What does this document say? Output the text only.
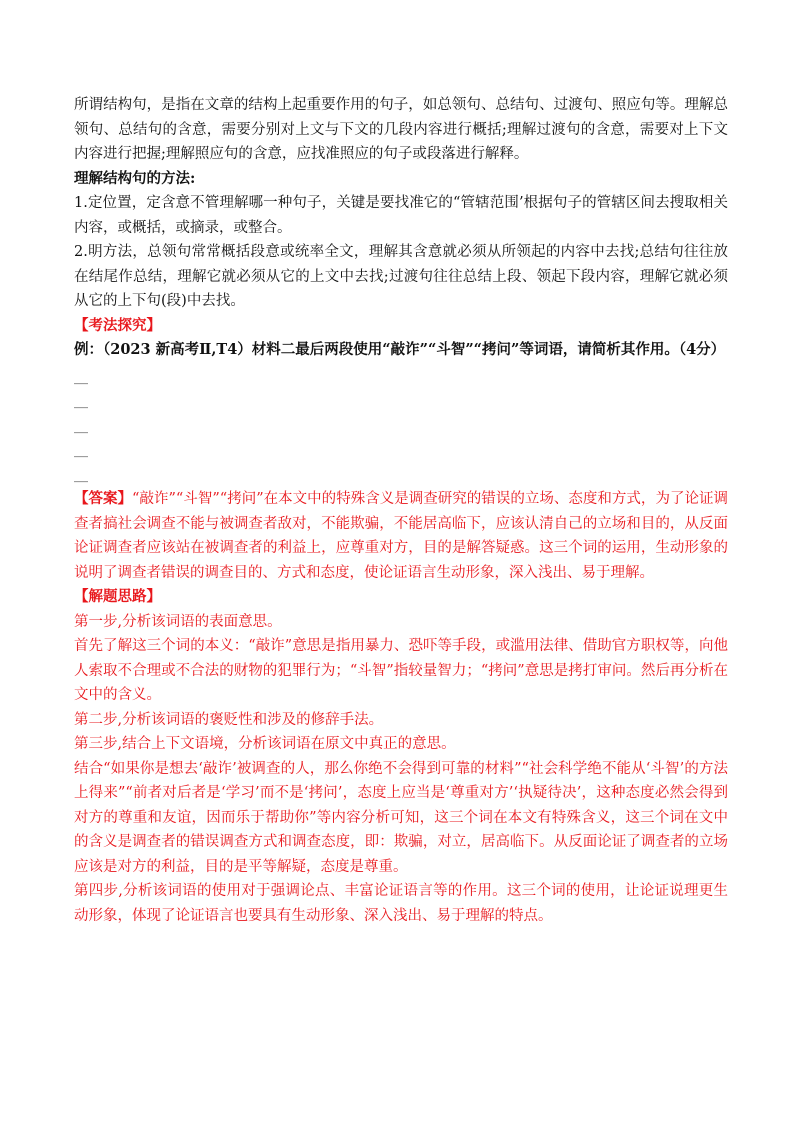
所谓结构句，是指在文章的结构上起重要作用的句子，如总领句、总结句、过渡句、照应句等。理解总领句、总结句的含意，需要分别对上文与下文的几段内容进行概括;理解过渡句的含意，需要对上下文内容进行把握;理解照应句的含意，应找准照应的句子或段落进行解释。

理解结构句的方法:

1.定位置，定含意不管理解哪一种句子，关键是要找准它的“管辖范围’根据句子的管辖区间去搜取相关内容，或概括，或摘录，或整合。

2.明方法，总领句常常概括段意或统率全文，理解其含意就必须从所领起的内容中去找;总结句往往放在结尾作总结，理解它就必须从它的上文中去找;过渡句往往总结上段、领起下段内容，理解它就必须从它的上下句(段)中去找。

【考法探究】

例：（2023 新高考Ⅱ,T4）材料二最后两段使用“敲诈”“斗智”“拷问”等词语，请简析其作用。（4分）

__
__
__
__
__

【答案】“敲诈”“斗智”“拷问”在本文中的特殊含义是调查研究的错误的立场、态度和方式，为了论证调查者搞社会调查不能与被调查者敌对，不能欺骗，不能居高临下，应该认清自己的立场和目的，从反面论证调查者应该站在被调查者的利益上，应尊重对方，目的是解答疑惑。这三个词的运用，生动形象的说明了调查者错误的调查目的、方式和态度，使论证语言生动形象，深入浅出、易于理解。

【解题思路】

第一步,分析该词语的表面意思。

首先了解这三个词的本义：“敲诈”意思是指用暴力、恐吓等手段，或滥用法律、借助官方职权等，向他人索取不合理或不合法的财物的犯罪行为；“斗智”指较量智力；“拷问”意思是拷打审问。然后再分析在文中的含义。

第二步,分析该词语的褒贬性和涉及的修辞手法。

第三步,结合上下文语境，分析该词语在原文中真正的意思。

结合“如果你是想去‘敲诈’被调查的人，那么你绝不会得到可靠的材料”“社会科学绝不能从‘斗智’的方法上得来”“前者对后者是‘学习’而不是‘拷问’，态度上应当是‘尊重对方’‘执疑待决’，这种态度必然会得到对方的尊重和友谊，因而乐于帮助你”等内容分析可知，这三个词在本文有特殊含义，这三个词在文中的含义是调查者的错误调查方式和调查态度，即：欺骗，对立，居高临下。从反面论证了调查者的立场应该是对方的利益，目的是平等解疑，态度是尊重。

第四步,分析该词语的使用对于强调论点、丰富论证语言等的作用。这三个词的使用，让论证说理更生动形象，体现了论证语言也要具有生动形象、深入浅出、易于理解的特点。
